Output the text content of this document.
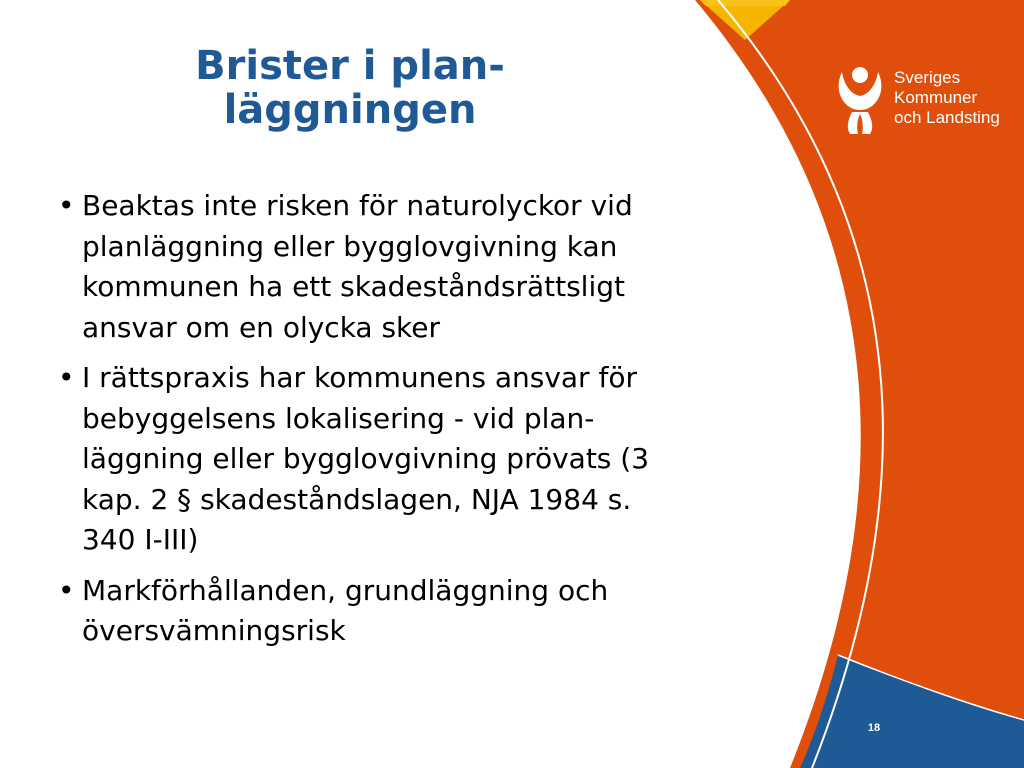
Brister i plan-
läggningen
• Beaktas inte risken för naturolyckor vid
planläggning eller bygglovgivning kan
kommunen ha ett skadeståndsrättsligt
ansvar om en olycka sker
• I rättspraxis har kommunens ansvar för
bebyggelsens lokalisering - vid plan-
läggning eller bygglovgivning prövats (3
kap. 2 § skadeståndslagen, NJA 1984 s.
340 I-III)
• Markförhållanden, grundläggning och
översvämningsrisk
Sveriges
Kommuner
och Landsting
18
